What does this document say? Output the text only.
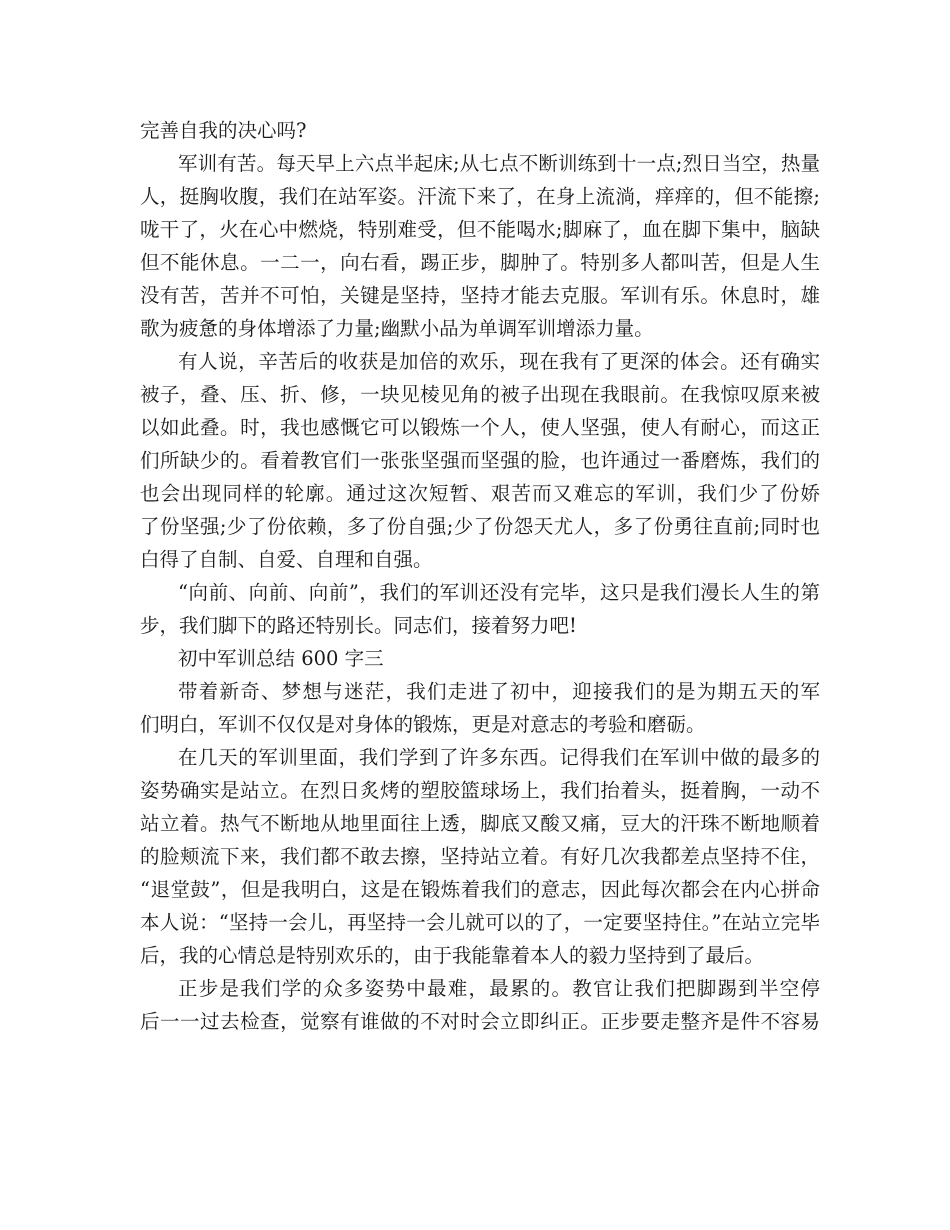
完善自我的决心吗?
军训有苦。每天早上六点半起床;从七点不断训练到十一点;烈日当空，热量
人，挺胸收腹，我们在站军姿。汗流下来了，在身上流淌，痒痒的，但不能擦;
咙干了，火在心中燃烧，特别难受，但不能喝水;脚麻了，血在脚下集中，脑缺
但不能休息。一二一，向右看，踢正步，脚肿了。特别多人都叫苦，但是人生
没有苦，苦并不可怕，关键是坚持，坚持才能去克服。军训有乐。休息时，雄
歌为疲惫的身体增添了力量;幽默小品为单调军训增添力量。
有人说，辛苦后的收获是加倍的欢乐，现在我有了更深的体会。还有确实
被子，叠、压、折、修，一块见棱见角的被子出现在我眼前。在我惊叹原来被
以如此叠。时，我也感慨它可以锻炼一个人，使人坚强，使人有耐心，而这正
们所缺少的。看着教官们一张张坚强而坚强的脸，也许通过一番磨炼，我们的
也会出现同样的轮廓。通过这次短暂、艰苦而又难忘的军训，我们少了份娇
了份坚强;少了份依赖，多了份自强;少了份怨天尤人，多了份勇往直前;同时也
白得了自制、自爱、自理和自强。
“向前、向前、向前”，我们的军训还没有完毕，这只是我们漫长人生的第
步，我们脚下的路还特别长。同志们，接着努力吧!
初中军训总结 600 字三
带着新奇、梦想与迷茫，我们走进了初中，迎接我们的是为期五天的军
们明白，军训不仅仅是对身体的锻炼，更是对意志的考验和磨砺。
在几天的军训里面，我们学到了许多东西。记得我们在军训中做的最多的
姿势确实是站立。在烈日炙烤的塑胶篮球场上，我们抬着头，挺着胸，一动不
站立着。热气不断地从地里面往上透，脚底又酸又痛，豆大的汗珠不断地顺着
的脸颊流下来，我们都不敢去擦，坚持站立着。有好几次我都差点坚持不住，
“退堂鼓”，但是我明白，这是在锻炼着我们的意志，因此每次都会在内心拼命
本人说：“坚持一会儿，再坚持一会儿就可以的了，一定要坚持住。”在站立完毕
后，我的心情总是特别欢乐的，由于我能靠着本人的毅力坚持到了最后。
正步是我们学的众多姿势中最难，最累的。教官让我们把脚踢到半空停
后一一过去检查，觉察有谁做的不对时会立即纠正。正步要走整齐是件不容易
